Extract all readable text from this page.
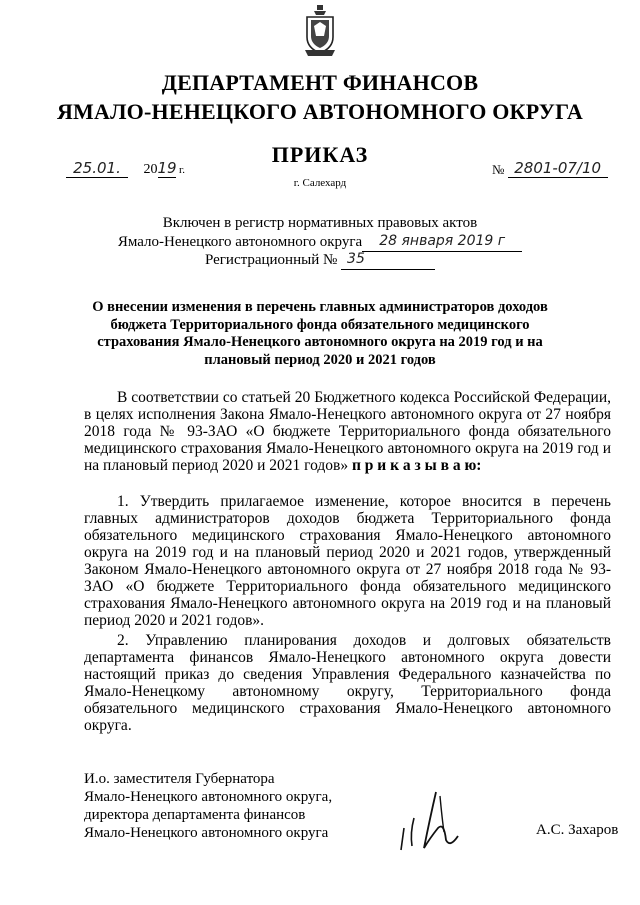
ДЕПАРТАМЕНТ ФИНАНСОВ
ЯМАЛО-НЕНЕЦКОГО АВТОНОМНОГО ОКРУГА
ПРИКАЗ
25.01. 2019 г.	№ 2801-07/10
г. Салехард
Включен в регистр нормативных правовых актов
Ямало-Ненецкого автономного округа 28 января 2019 г
Регистрационный № 35
О внесении изменения в перечень главных администраторов доходов бюджета Территориального фонда обязательного медицинского страхования Ямало-Ненецкого автономного округа на 2019 год и на плановый период 2020 и 2021 годов

В соответствии со статьей 20 Бюджетного кодекса Российской Федерации, в целях исполнения Закона Ямало-Ненецкого автономного округа от 27 ноября 2018 года № 93-ЗАО «О бюджете Территориального фонда обязательного медицинского страхования Ямало-Ненецкого автономного округа на 2019 год и на плановый период 2020 и 2021 годов» п р и к а з ы в а ю:

1. Утвердить прилагаемое изменение, которое вносится в перечень главных администраторов доходов бюджета Территориального фонда обязательного медицинского страхования Ямало-Ненецкого автономного округа на 2019 год и на плановый период 2020 и 2021 годов, утвержденный Законом Ямало-Ненецкого автономного округа от 27 ноября 2018 года № 93-ЗАО «О бюджете Территориального фонда обязательного медицинского страхования Ямало-Ненецкого автономного округа на 2019 год и на плановый период 2020 и 2021 годов».

2. Управлению планирования доходов и долговых обязательств департамента финансов Ямало-Ненецкого автономного округа довести настоящий приказ до сведения Управления Федерального казначейства по Ямало-Ненецкому автономному округу, Территориального фонда обязательного медицинского страхования Ямало-Ненецкого автономного округа.

И.о. заместителя Губернатора
Ямало-Ненецкого автономного округа,
директора департамента финансов
Ямало-Ненецкого автономного округа	А.С. Захаров
